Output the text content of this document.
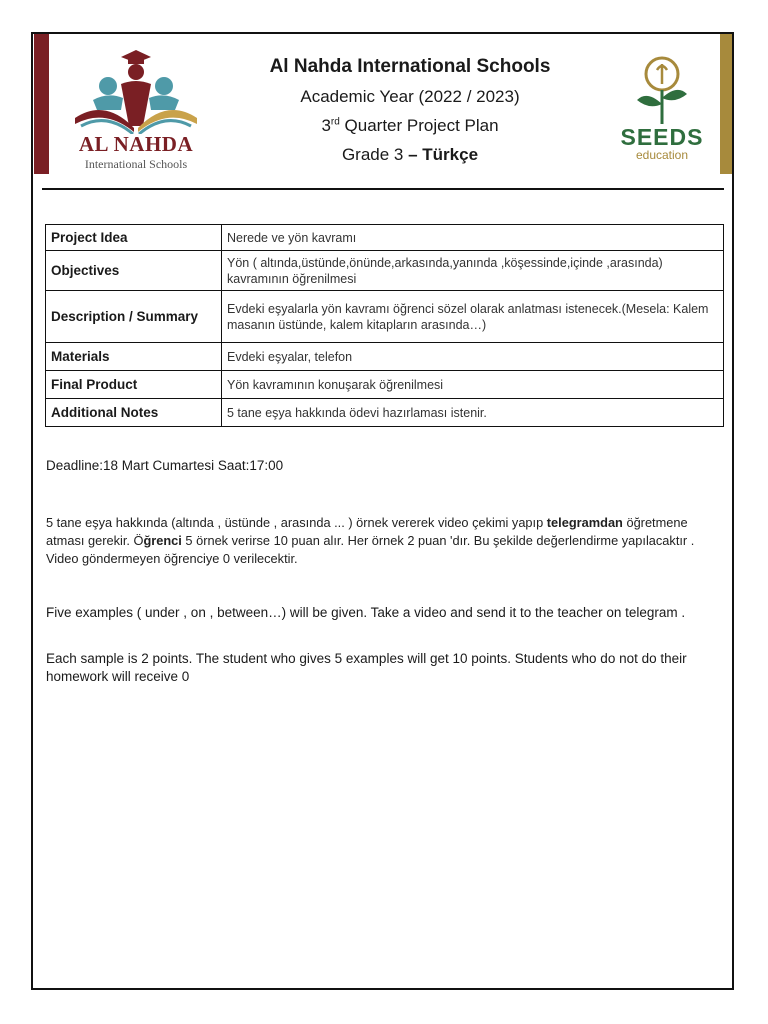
AL NAHDA
International Schools
Al Nahda International Schools
Academic Year (2022 / 2023)
3rd Quarter Project Plan
Grade 3 – Türkçe
SEEDS
education
Project Idea	Nerede ve yön kavramı
Objectives	Yön ( altında,üstünde,önünde,arkasında,yanında ,köşessinde,içinde ,arasında) kavramının öğrenilmesi
Description / Summary	Evdeki eşyalarla yön kavramı öğrenci sözel olarak anlatması istenecek.(Mesela: Kalem masanın üstünde, kalem kitapların arasında…)
Materials	Evdeki eşyalar, telefon
Final Product	Yön kavramının konuşarak öğrenilmesi
Additional Notes	5 tane eşya hakkında ödevi hazırlaması istenir.
Deadline:18 Mart Cumartesi Saat:17:00
5 tane eşya hakkında (altında , üstünde , arasında ... ) örnek vererek video çekimi yapıp telegramdan öğretmene atması gerekir. Öğrenci 5 örnek verirse 10 puan alır. Her örnek 2 puan 'dır. Bu şekilde değerlendirme yapılacaktır . Video göndermeyen öğrenciye 0 verilecektir.
Five examples ( under , on , between…) will be given. Take a video and send it to the teacher on telegram .
Each sample is 2 points. The student who gives 5 examples will get 10 points. Students who do not do their homework will receive 0
